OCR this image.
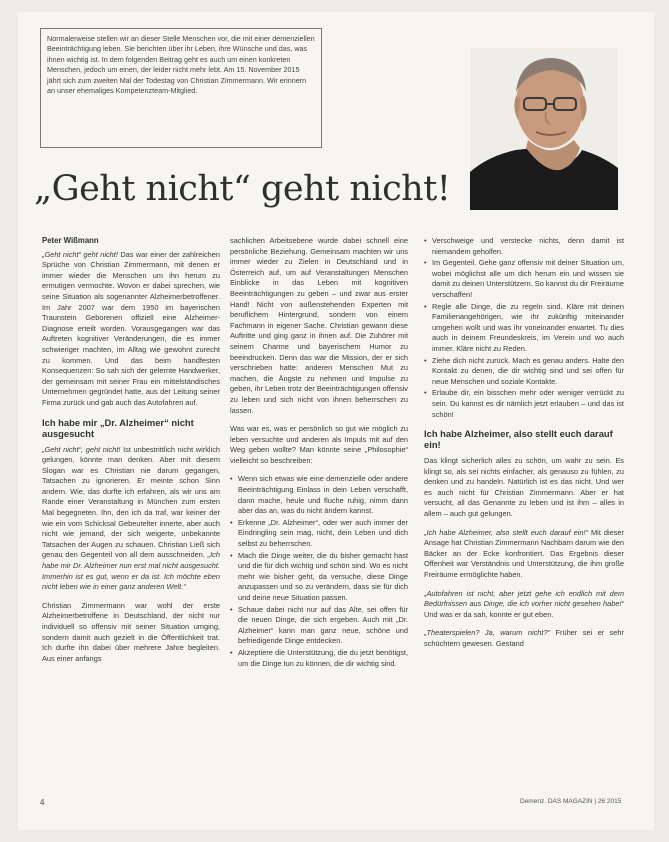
Normalerweise stellen wir an dieser Stelle Menschen vor, die mit einer demenziellen Beeinträchtigung leben. Sie berichten über ihr Leben, ihre Wünsche und das, was ihnen wichtig ist. In dem folgenden Beitrag geht es auch um einen konkreten Menschen, jedoch um einen, der leider nicht mehr lebt. Am 15. November 2015 jährt sich zum zweiten Mal der Todestag von Christian Zimmermann. Wir erinnern an unser ehemaliges Kompetenzteam-Mitglied.
„Geht nicht“ geht nicht!
Peter Wißmann

„Geht nicht“ geht nicht! Das war einer der zahlreichen Sprüche von Christian Zimmermann, mit denen er immer wieder die Menschen um ihn herum zu ermutigen vermochte. Wovon er dabei sprechen, wie seine Situation als sogenannter Alzheimerbetroffener. Im Jahr 2007 war dem 1950 im bayerischen Traunstein Geborenen offiziell eine Alzheimer-Diagnose erteilt worden. Vorausgegangen war das Auftreten kognitiver Veränderungen, die es immer schwieriger machten, im Alltag wie gewohnt zurecht zu kommen. Und das beim handfesten Konsequenzen: So sah sich der gelernte Handwerker, der gemeinsam mit seiner Frau ein mittelständisches Unternehmen gegründet hatte, aus der Leitung seiner Firma zurück und gab auch das Autofahren auf.

Ich habe mir „Dr. Alzheimer“ nicht ausgesucht

„Geht nicht“, geht nicht! Ist unbestrittlich nicht wirklich gelungen, könnte man denken. Aber mit diesem Slogan war es Christian nie darum gegangen, Tatsachen zu ignorieren. Er meinte schon Sinn andern. Wie, das durfte ich erfahren, als wir uns am Rande einer Veranstaltung in München zum ersten Mal begegneten. Ihn, den ich da traf, war keiner der wie ein vom Schicksal Gebeutelter innerte, aber auch nicht wie jemand, der sich weigerte, unbekannte Tatsachen der Augen zu schauen. Christian Ließ sich genau den Gegenteil von all dem ausschneiden. „Ich habe mir Dr. Alzheimer nun erst mal nicht ausgesucht. Immerhin ist es gut, wenn er da ist. Ich möchte eben nicht leben wie in einer ganz anderen Welt.“

Christian Zimmermann war wohl der erste Alzheimerbetroffene in Deutschland, der nicht nur individuell so offensiv mit seiner Situation umging, sondern damit auch gezielt in die Öffentlichkeit trat. Ich durfte ihn dabei über mehrere Jahre begleiten. Aus einer anfangs

sachlichen Arbeitsebene wurde dabei schnell eine persönliche Beziehung. Gemeinsam machten wir uns immer wieder zu Zielen in Deutschland und in Österreich auf, um auf Veranstaltungen Menschen Einblicke in das Leben mit kognitiven Beeinträchtigungen zu geben – und zwar aus erster Hand! Nicht von außenstehenden Experten mit beruflichem Hintergrund, sondern von einem Fachmann in eigener Sache. Christian gewann diese Auftritte und ging ganz in ihnen auf. Die Zuhörer mit seinem Charme und bayerischem Humor zu beeindrucken. Denn das war die Mission, der er sich verschrieben hatte: anderen Menschen Mut zu machen, die Ängste zu nehmen und Impulse zu geben, ihr Leben trotz der Beeinträchtigungen offensiv zu leben und sich nicht von ihnen beherrschen zu lassen.

Was war es, was er persönlich so gut wie möglich zu leben versuchte und anderen als Impuls mit auf den Weg geben wollte? Man könnte seine „Philosophie“ vielleicht so beschreiben:

• Wenn sich etwas wie eine demenzielle oder andere Beeinträchtigung Einlass in dein Leben verschafft, dann mache, heule und fluche ruhig, nimm dann aber das an, was du nicht ändern kannst.
• Erkenne „Dr. Alzheimer“, oder wer auch immer der Eindringling sein mag, nicht, dein Leben und dich selbst zu beherrschen.
• Mach die Dinge weiter, die du bisher gemacht hast und die für dich wichtig und schön sind. Wo es nicht mehr wie bisher geht, da versuche, diese Dinge anzupassen und so zu verändern, dass sie für dich und deine neue Situation passen.
• Schaue dabei nicht nur auf das Alte, sei offen für die neuen Dinge, die sich ergeben. Auch mit „Dr. Alzheimer“ kann man ganz neue, schöne und befriedigende Dinge entdecken.
• Akzeptiere die Unterstützung, die du jetzt benötigst, um die Dinge tun zu können, die dir wichtig sind.
• Verschweige und verstecke nichts, denn damit ist niemandem geholfen.
• Im Gegenteil. Gehe ganz offensiv mit deiner Situation um, wobei möglichst alle um dich herum ein und wissen sie damit zu deinen Unterstützern. So kannst du dir Freiräume verschaffen!
• Regle alle Dinge, die zu regeln sind. Kläre mit deinen Familienangehörigen, wie ihr zukünftig miteinander umgehen wollt und was ihr voneinander erwartet. Tu dies auch in deinem Freundeskreis, im Verein und wo auch immer. Kläre nicht zu Reden.
• Ziehe dich nicht zurück. Mach es genau anders. Halte den Kontakt zu denen, die dir wichtig sind und sei offen für neue Menschen und soziale Kontakte.
• Erlaube dir, ein bisschen mehr oder weniger verrückt zu sein. Du kannst es dir nämlich jetzt erlauben – und das ist schön!
Ich habe Alzheimer, also stellt euch darauf ein!

Das klingt sicherlich alles zu schön, um wahr zu sein. Es klingt so, als sei nichts einfacher, als genauso zu fühlen, zu denken und zu handeln. Natürlich ist es das nicht. Und wer es auch nicht für Christian Zimmermann. Aber er hat versucht, all das Genannte zu leben und ist ihm – alles in allem – auch gut gelungen.

„Ich habe Alzheimer, also stellt euch darauf ein!“ Mit dieser Ansage hat Christian Zimmermann Nachbarn darum wie den Bäcker an der Ecke konfrontiert. Das Ergebnis dieser Offenheit war Verständnis und Unterstützung, die ihm große Freiräume ermöglichte haben.

„Autofahren ist nicht, aber jetzt gehe ich endlich mit dem Bedürfnissen aus Dinge, die ich vorher nicht gesehen habe!“ Und was er da sah, konnte er gut eben.

„Theaterspielen? Ja, warum nicht?“ Früher sei er sehr schüchtern gewesen. Gestand

4	Demenz. DAS MAGAZIN | 26 2015
